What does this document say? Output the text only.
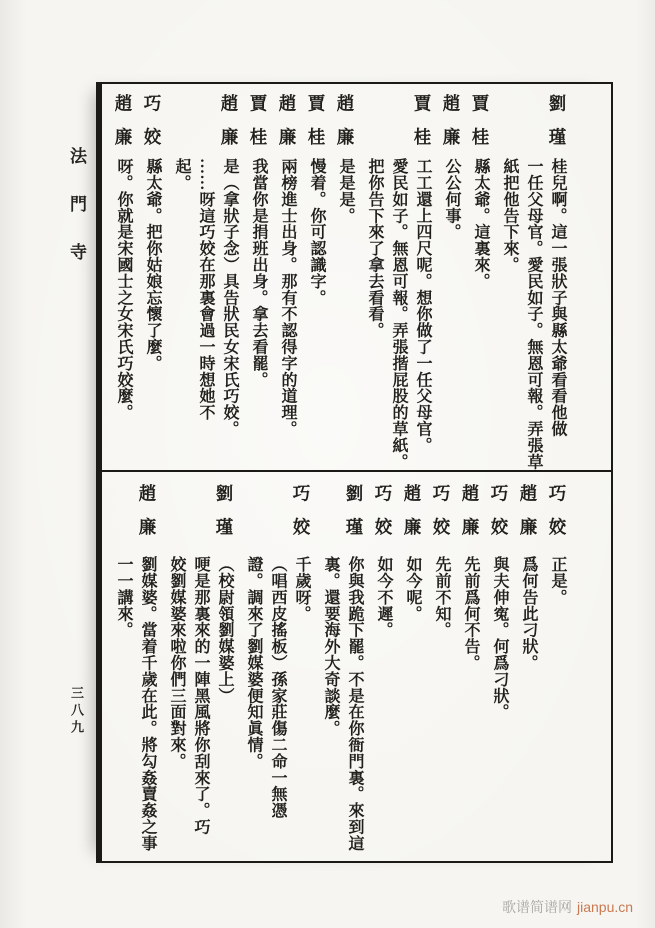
法門寺
三八九
劉瑾
桂兒啊。這一張狀子與縣太爺看看他做
一任父母官。愛民如子。無恩可報。弄張草
紙把他告下來。
賈桂
縣太爺。這裏來。
趙廉
公公何事。
賈桂
工工還上四尺呢。想你做了一任父母官。
愛民如子。無恩可報。弄張揩屁股的草紙。
把你告下來了拿去看看。
趙廉
是是是。
賈桂
慢着。你可認識字。
趙廉
兩榜進士出身。那有不認得字的道理。
賈桂
我當你是捐班出身。拿去看罷。
趙廉
是（拿狀子念）具告狀民女宋氏巧姣。
……呀這巧姣在那裏會過一時想她不
起。
巧姣
縣太爺。把你姑娘忘懷了麼。
趙廉
呀。你就是宋國士之女宋氏巧姣麼。
巧姣
正是。
趙廉
爲何告此刁狀。
巧姣
與夫伸寃。何爲刁狀。
趙廉
先前爲何不告。
巧姣
先前不知。
趙廉
如今呢。
巧姣
如今不遲。
劉瑾
你與我跪下罷。不是在你衙門裏。來到這
裏。還要海外大奇談麼。
巧姣
千歲呀。
（唱西皮搖板）孫家莊傷二命一無憑
證。調來了劉媒婆便知眞情。
劉瑾
（校尉領劉媒婆上）
哽是那裏來的一陣黑風將你刮來了。巧
姣劉媒婆來啦你們三面對來。
趙廉
劉媒婆。當着千歲在此。將勾姦賣姦之事
一一講來。
歌谱简谱网 jianpu.cn
